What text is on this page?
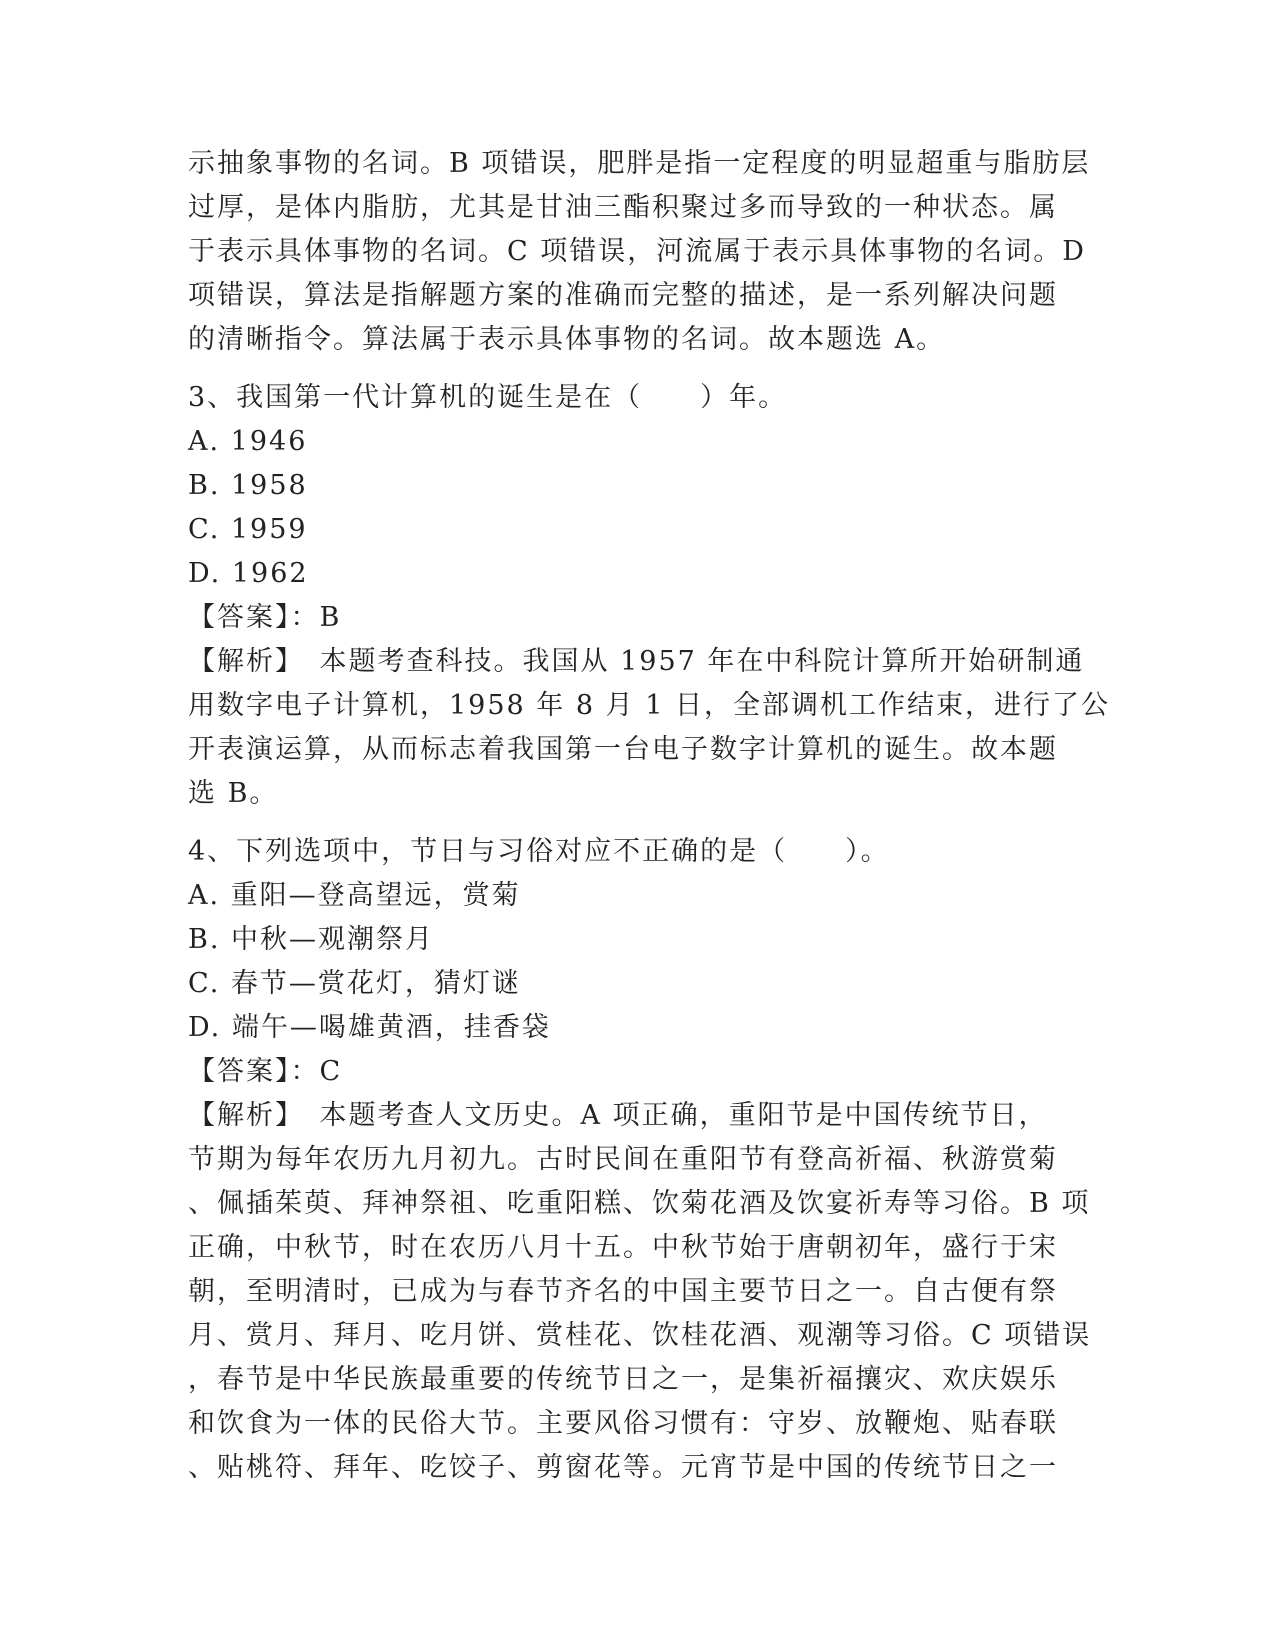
示抽象事物的名词。B 项错误，肥胖是指一定程度的明显超重与脂肪层
过厚，是体内脂肪，尤其是甘油三酯积聚过多而导致的一种状态。属
于表示具体事物的名词。C 项错误，河流属于表示具体事物的名词。D
项错误，算法是指解题方案的准确而完整的描述，是一系列解决问题
的清晰指令。算法属于表示具体事物的名词。故本题选 A。
3、我国第一代计算机的诞生是在（　　）年。
A. 1946
B. 1958
C. 1959
D. 1962
【答案】：B
【解析】　本题考查科技。我国从 1957 年在中科院计算所开始研制通
用数字电子计算机，1958 年 8 月 1 日，全部调机工作结束，进行了公
开表演运算，从而标志着我国第一台电子数字计算机的诞生。故本题
选 B。
4、下列选项中，节日与习俗对应不正确的是（　　）。
A. 重阳—登高望远，赏菊
B. 中秋—观潮祭月
C. 春节—赏花灯，猜灯谜
D. 端午—喝雄黄酒，挂香袋
【答案】：C
【解析】　本题考查人文历史。A 项正确，重阳节是中国传统节日，
节期为每年农历九月初九。古时民间在重阳节有登高祈福、秋游赏菊
、佩插茱萸、拜神祭祖、吃重阳糕、饮菊花酒及饮宴祈寿等习俗。B 项
正确，中秋节，时在农历八月十五。中秋节始于唐朝初年，盛行于宋
朝，至明清时，已成为与春节齐名的中国主要节日之一。自古便有祭
月、赏月、拜月、吃月饼、赏桂花、饮桂花酒、观潮等习俗。C 项错误
，春节是中华民族最重要的传统节日之一，是集祈福攘灾、欢庆娱乐
和饮食为一体的民俗大节。主要风俗习惯有：守岁、放鞭炮、贴春联
、贴桃符、拜年、吃饺子、剪窗花等。元宵节是中国的传统节日之一
